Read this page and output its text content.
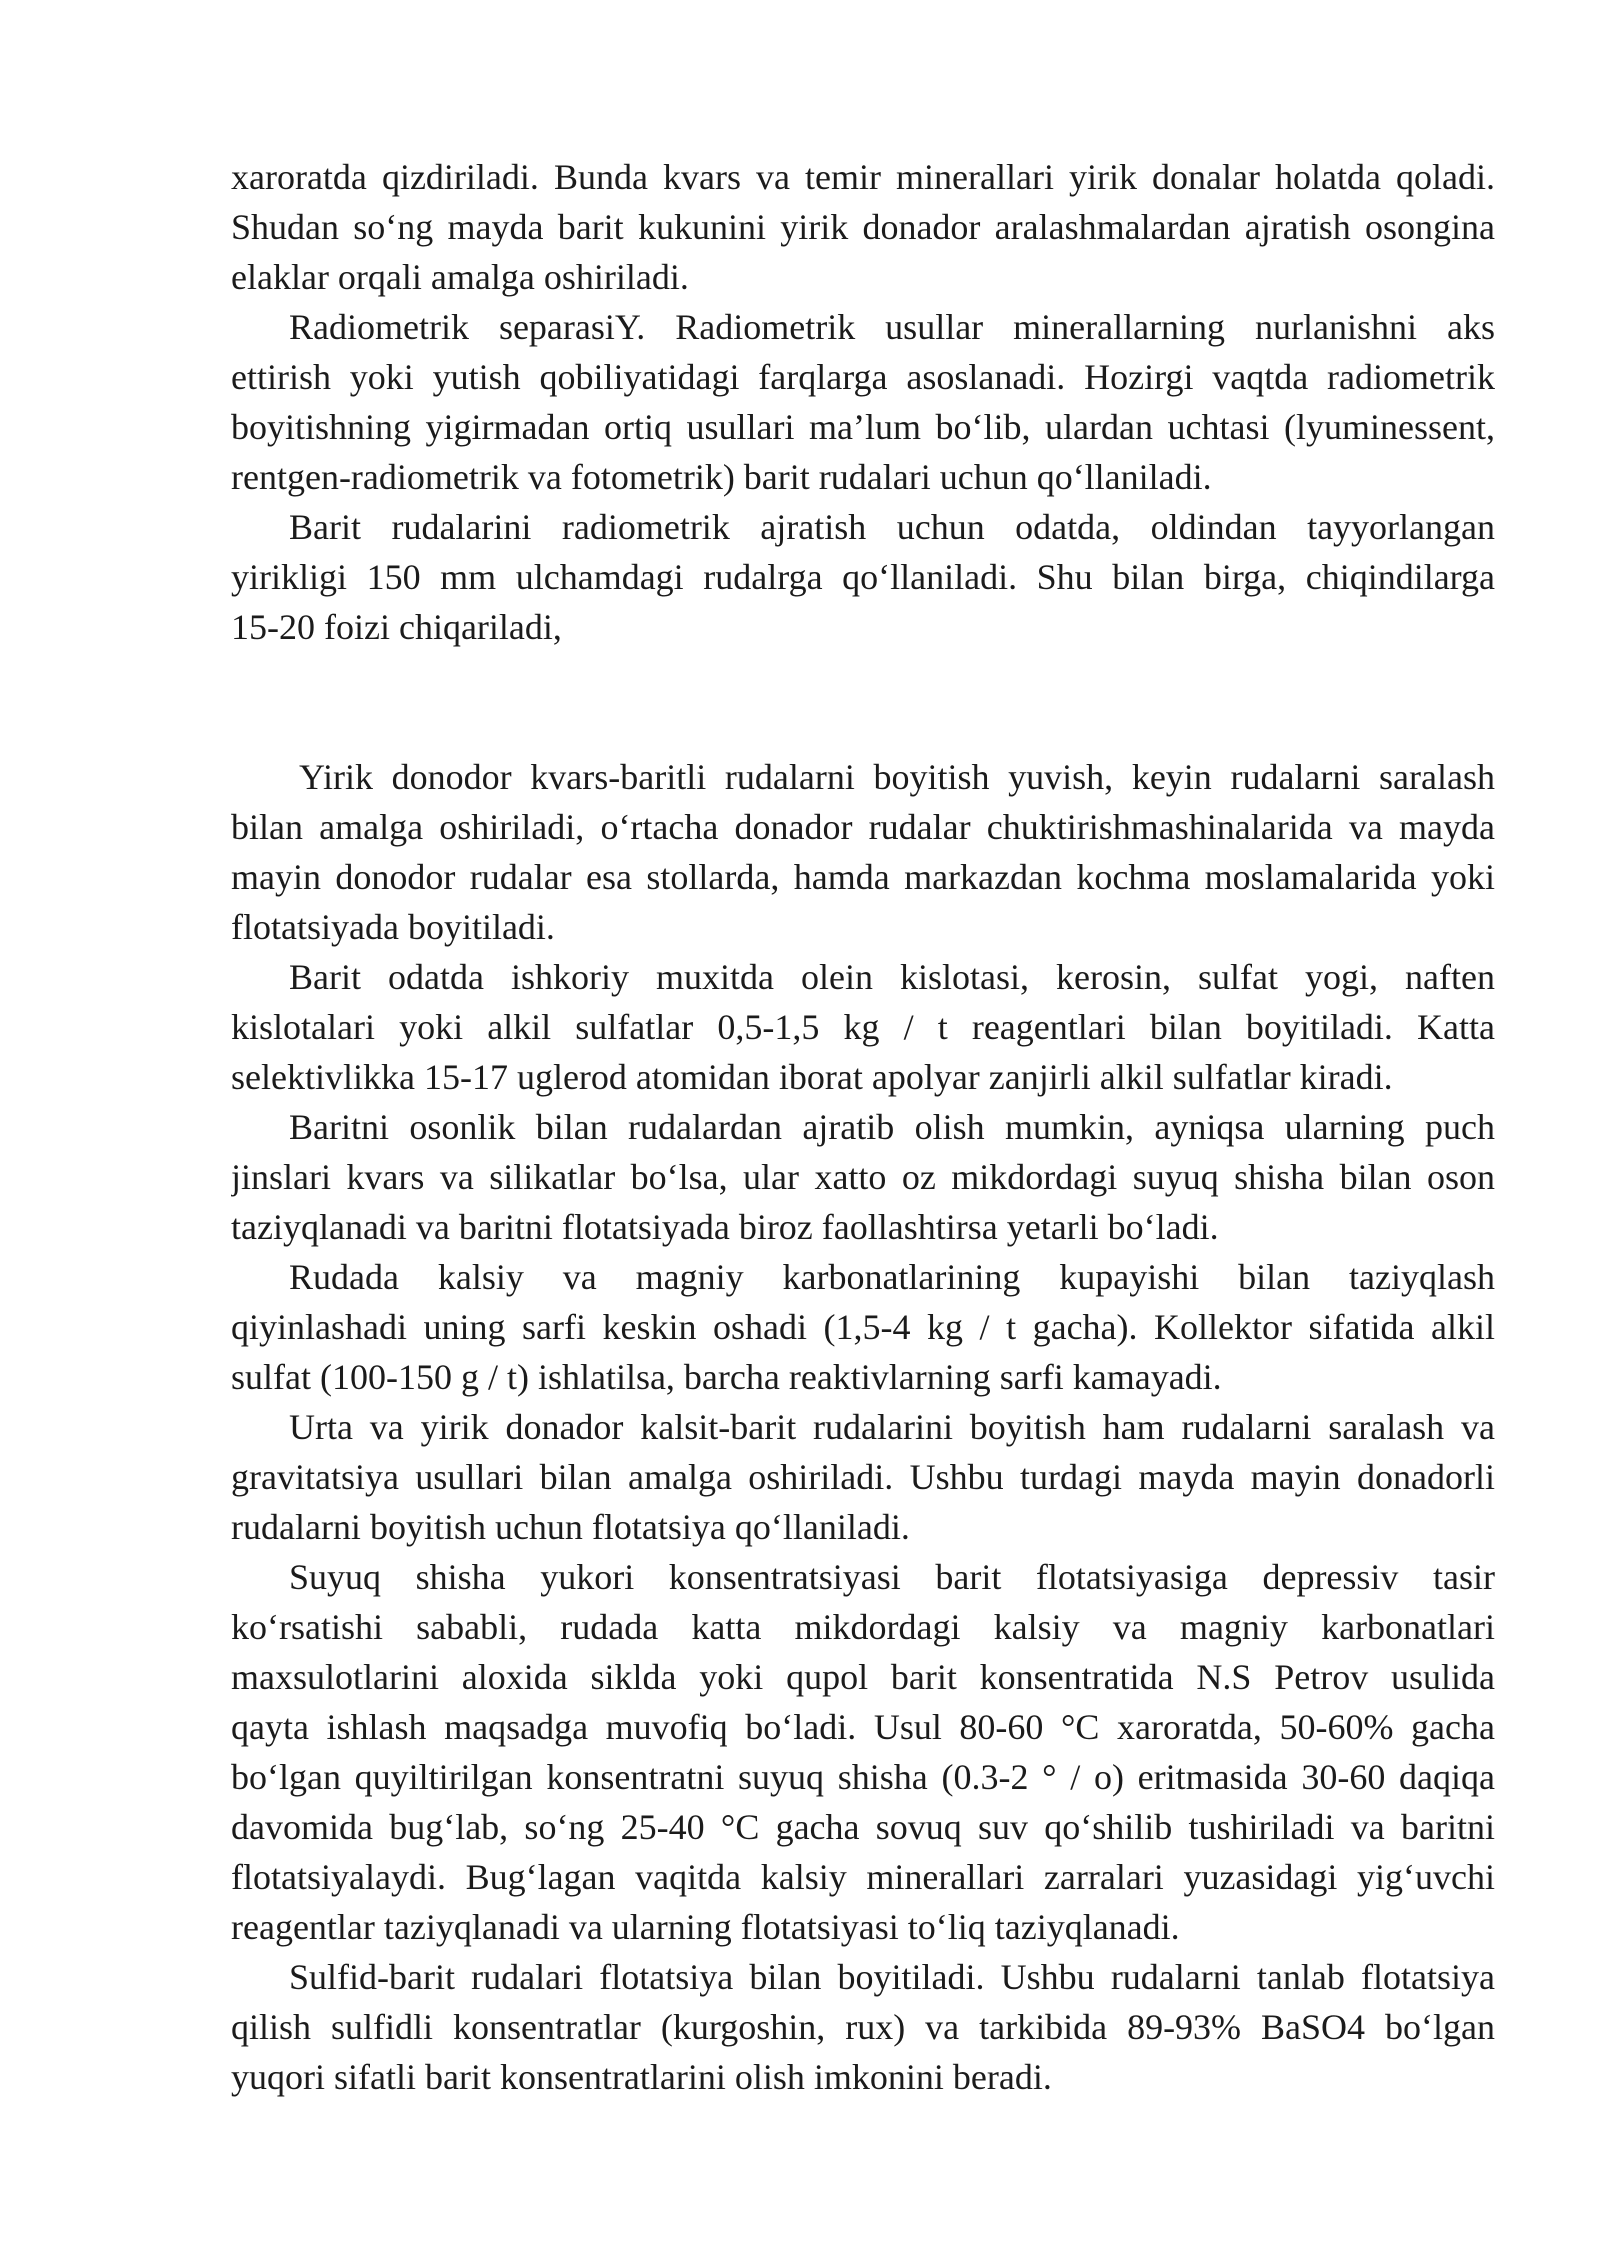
xaroratda qizdiriladi. Bunda kvars va temir minerallari yirik donalar holatda qoladi.
Shudan so‘ng mayda barit kukunini yirik donador aralashmalardan ajratish osongina
elaklar orqali amalga oshiriladi.
Radiometrik separasiY. Radiometrik usullar minerallarning nurlanishni aks
ettirish yoki yutish qobiliyatidagi farqlarga asoslanadi. Hozirgi vaqtda radiometrik
boyitishning yigirmadan ortiq usullari ma’lum bo‘lib, ulardan uchtasi (lyuminessent,
rentgen-radiometrik va fotometrik) barit rudalari uchun qo‘llaniladi.
Barit rudalarini radiometrik ajratish uchun odatda, oldindan tayyorlangan
yirikligi 150 mm ulchamdagi rudalrga qo‘llaniladi. Shu bilan birga, chiqindilarga
15-20 foizi chiqariladi,
Yirik donodor kvars-baritli rudalarni boyitish yuvish, keyin rudalarni saralash
bilan amalga oshiriladi, o‘rtacha donador rudalar chuktirishmashinalarida va mayda
mayin donodor rudalar esa stollarda, hamda markazdan kochma moslamalarida yoki
flotatsiyada boyitiladi.
Barit odatda ishkoriy muxitda olein kislotasi, kerosin, sulfat yogi, naften
kislotalari yoki alkil sulfatlar 0,5-1,5 kg / t reagentlari bilan boyitiladi. Katta
selektivlikka 15-17 uglerod atomidan iborat apolyar zanjirli alkil sulfatlar kiradi.
Baritni osonlik bilan rudalardan ajratib olish mumkin, ayniqsa ularning puch
jinslari kvars va silikatlar bo‘lsa, ular xatto oz mikdordagi suyuq shisha bilan oson
taziyqlanadi va baritni flotatsiyada biroz faollashtirsa yetarli bo‘ladi.
Rudada kalsiy va magniy karbonatlarining kupayishi bilan taziyqlash
qiyinlashadi uning sarfi keskin oshadi (1,5-4 kg / t gacha). Kollektor sifatida alkil
sulfat (100-150 g / t) ishlatilsa, barcha reaktivlarning sarfi kamayadi.
Urta va yirik donador kalsit-barit rudalarini boyitish ham rudalarni saralash va
gravitatsiya usullari bilan amalga oshiriladi. Ushbu turdagi mayda mayin donadorli
rudalarni boyitish uchun flotatsiya qo‘llaniladi.
Suyuq shisha yukori konsentratsiyasi barit flotatsiyasiga depressiv tasir
ko‘rsatishi sababli, rudada katta mikdordagi kalsiy va magniy karbonatlari
maxsulotlarini aloxida siklda yoki qupol barit konsentratida N.S Petrov usulida
qayta ishlash maqsadga muvofiq bo‘ladi. Usul 80-60 °C xaroratda, 50-60% gacha
bo‘lgan quyiltirilgan konsentratni suyuq shisha (0.3-2 ° / o) eritmasida 30-60 daqiqa
davomida bug‘lab, so‘ng 25-40 °C gacha sovuq suv qo‘shilib tushiriladi va baritni
flotatsiyalaydi. Bug‘lagan vaqitda kalsiy minerallari zarralari yuzasidagi yig‘uvchi
reagentlar taziyqlanadi va ularning flotatsiyasi to‘liq taziyqlanadi.
Sulfid-barit rudalari flotatsiya bilan boyitiladi. Ushbu rudalarni tanlab flotatsiya
qilish sulfidli konsentratlar (kurgoshin, rux) va tarkibida 89-93% BaSO4 bo‘lgan
yuqori sifatli barit konsentratlarini olish imkonini beradi.
